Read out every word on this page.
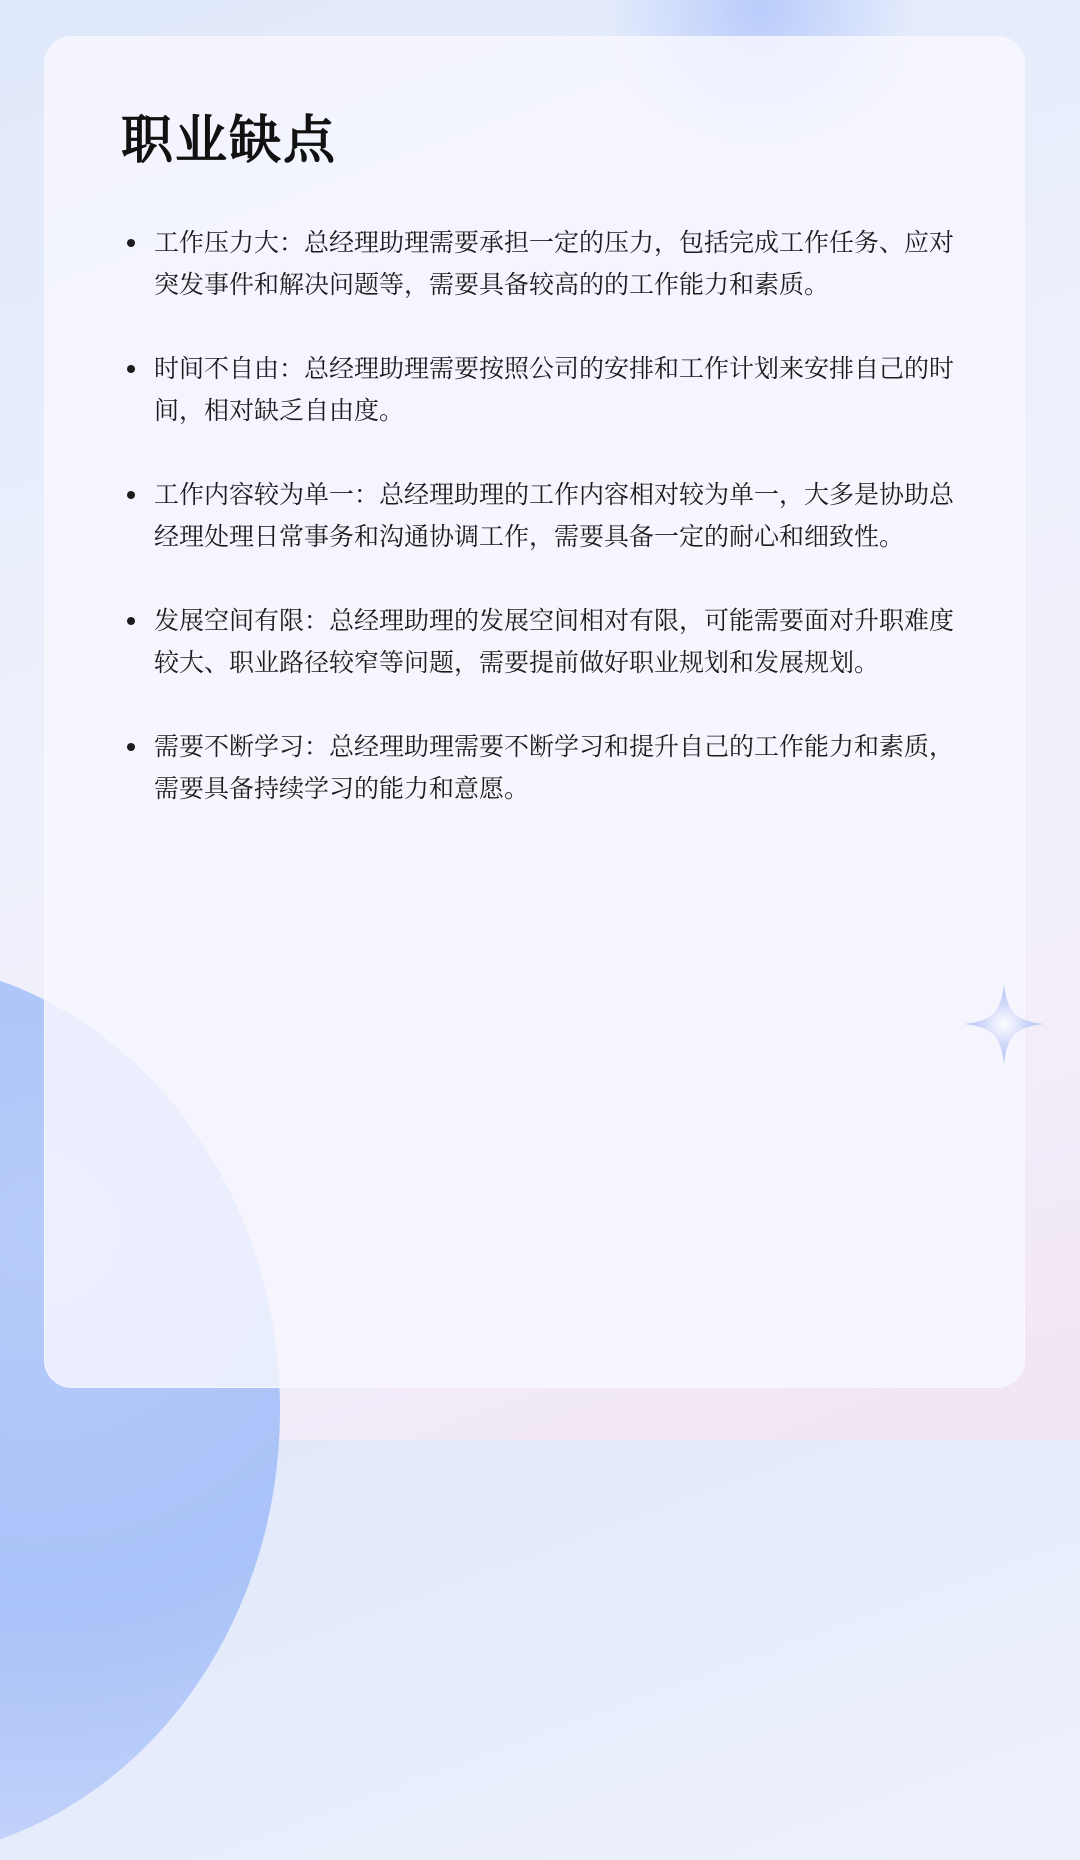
职业缺点
工作压力大：总经理助理需要承担一定的压力，包括完成工作任务、应对突发事件和解决问题等，需要具备较高的的工作能力和素质。
时间不自由：总经理助理需要按照公司的安排和工作计划来安排自己的时间，相对缺乏自由度。
工作内容较为单一：总经理助理的工作内容相对较为单一，大多是协助总经理处理日常事务和沟通协调工作，需要具备一定的耐心和细致性。
发展空间有限：总经理助理的发展空间相对有限，可能需要面对升职难度较大、职业路径较窄等问题，需要提前做好职业规划和发展规划。
需要不断学习：总经理助理需要不断学习和提升自己的工作能力和素质，需要具备持续学习的能力和意愿。
